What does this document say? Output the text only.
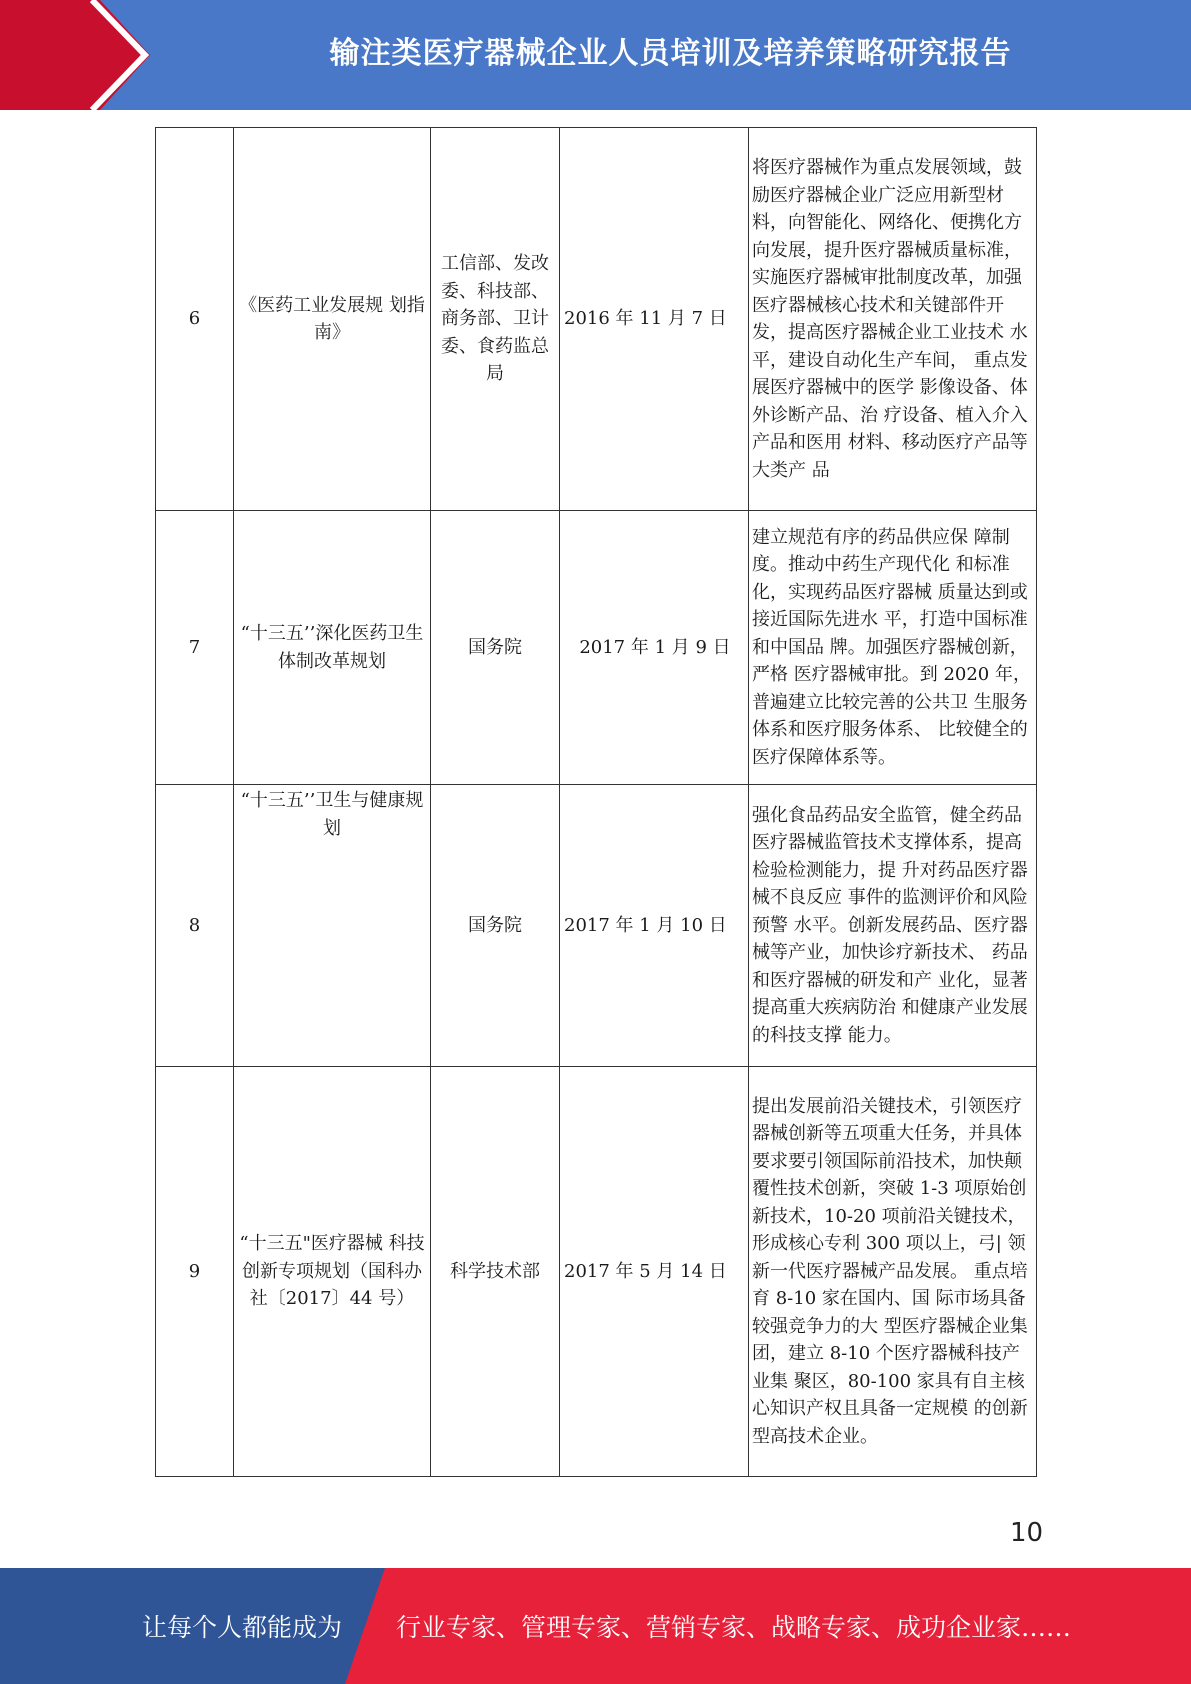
输注类医疗器械企业人员培训及培养策略研究报告
6	《医药工业发展规 划指南》	工信部、发改委、科技部、商务部、卫计委、食药监总局	2016 年 11 月 7 日	将医疗器械作为重点发展领域，鼓励医疗器械企业广泛应用新型材料，向智能化、网络化、便携化方向发展，提升医疗器械质量标准，实施医疗器械审批制度改革，加强医疗器械核心技术和关键部件开发，提高医疗器械企业工业技术 水平，建设自动化生产车间， 重点发展医疗器械中的医学 影像设备、体外诊断产品、治 疗设备、植入介入产品和医用 材料、移动医疗产品等大类产 品
7	“十三五’’深化医药卫生体制改革规划	国务院	2017 年 1 月 9 日	建立规范有序的药品供应保 障制度。推动中药生产现代化 和标准化，实现药品医疗器械 质量达到或接近国际先进水 平，打造中国标准和中国品 牌。加强医疗器械创新，严格 医疗器械审批。到 2020 年， 普遍建立比较完善的公共卫 生服务体系和医疗服务体系、 比较健全的医疗保障体系等。
8	“十三五’’卫生与健康规划	国务院	2017 年 1 月 10 日	强化食品药品安全监管，健全药品医疗器械监管技术支撑体系，提高检验检测能力，提 升对药品医疗器械不良反应 事件的监测评价和风险预警 水平。创新发展药品、医疗器 械等产业，加快诊疗新技术、 药品和医疗器械的研发和产 业化，显著提高重大疾病防治 和健康产业发展的科技支撑 能力。
9	“十三五"医疗器械 科技创新专项规划（国科办社〔2017〕44 号）	科学技术部	2017 年 5 月 14 日	提出发展前沿关键技术，引领医疗器械创新等五项重大任务，并具体要求要引领国际前沿技术，加快颠覆性技术创新，突破 1-3 项原始创新技术，10-20 项前沿关键技术， 形成核心专利 300 项以上，弓| 领新一代医疗器械产品发展。 重点培育 8-10 家在国内、国 际市场具备较强竞争力的大 型医疗器械企业集团，建立 8-10 个医疗器械科技产业集 聚区，80-100 家具有自主核 心知识产权且具备一定规模 的创新型高技术企业。
10
让每个人都能成为 行业专家、管理专家、营销专家、战略专家、成功企业家……
